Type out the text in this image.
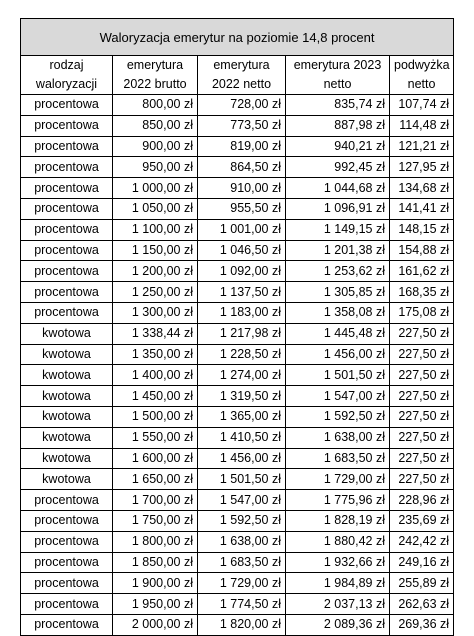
Waloryzacja emerytur na poziomie 14,8 procent				
rodzaj	emerytura	emerytura	emerytura 2023	podwyżka
waloryzacji	2022 brutto	2022 netto	netto	netto
procentowa	800,00 zł	728,00 zł	835,74 zł	107,74 zł
procentowa	850,00 zł	773,50 zł	887,98 zł	114,48 zł
procentowa	900,00 zł	819,00 zł	940,21 zł	121,21 zł
procentowa	950,00 zł	864,50 zł	992,45 zł	127,95 zł
procentowa	1 000,00 zł	910,00 zł	1 044,68 zł	134,68 zł
procentowa	1 050,00 zł	955,50 zł	1 096,91 zł	141,41 zł
procentowa	1 100,00 zł	1 001,00 zł	1 149,15 zł	148,15 zł
procentowa	1 150,00 zł	1 046,50 zł	1 201,38 zł	154,88 zł
procentowa	1 200,00 zł	1 092,00 zł	1 253,62 zł	161,62 zł
procentowa	1 250,00 zł	1 137,50 zł	1 305,85 zł	168,35 zł
procentowa	1 300,00 zł	1 183,00 zł	1 358,08 zł	175,08 zł
kwotowa	1 338,44 zł	1 217,98 zł	1 445,48 zł	227,50 zł
kwotowa	1 350,00 zł	1 228,50 zł	1 456,00 zł	227,50 zł
kwotowa	1 400,00 zł	1 274,00 zł	1 501,50 zł	227,50 zł
kwotowa	1 450,00 zł	1 319,50 zł	1 547,00 zł	227,50 zł
kwotowa	1 500,00 zł	1 365,00 zł	1 592,50 zł	227,50 zł
kwotowa	1 550,00 zł	1 410,50 zł	1 638,00 zł	227,50 zł
kwotowa	1 600,00 zł	1 456,00 zł	1 683,50 zł	227,50 zł
kwotowa	1 650,00 zł	1 501,50 zł	1 729,00 zł	227,50 zł
procentowa	1 700,00 zł	1 547,00 zł	1 775,96 zł	228,96 zł
procentowa	1 750,00 zł	1 592,50 zł	1 828,19 zł	235,69 zł
procentowa	1 800,00 zł	1 638,00 zł	1 880,42 zł	242,42 zł
procentowa	1 850,00 zł	1 683,50 zł	1 932,66 zł	249,16 zł
procentowa	1 900,00 zł	1 729,00 zł	1 984,89 zł	255,89 zł
procentowa	1 950,00 zł	1 774,50 zł	2 037,13 zł	262,63 zł
procentowa	2 000,00 zł	1 820,00 zł	2 089,36 zł	269,36 zł
